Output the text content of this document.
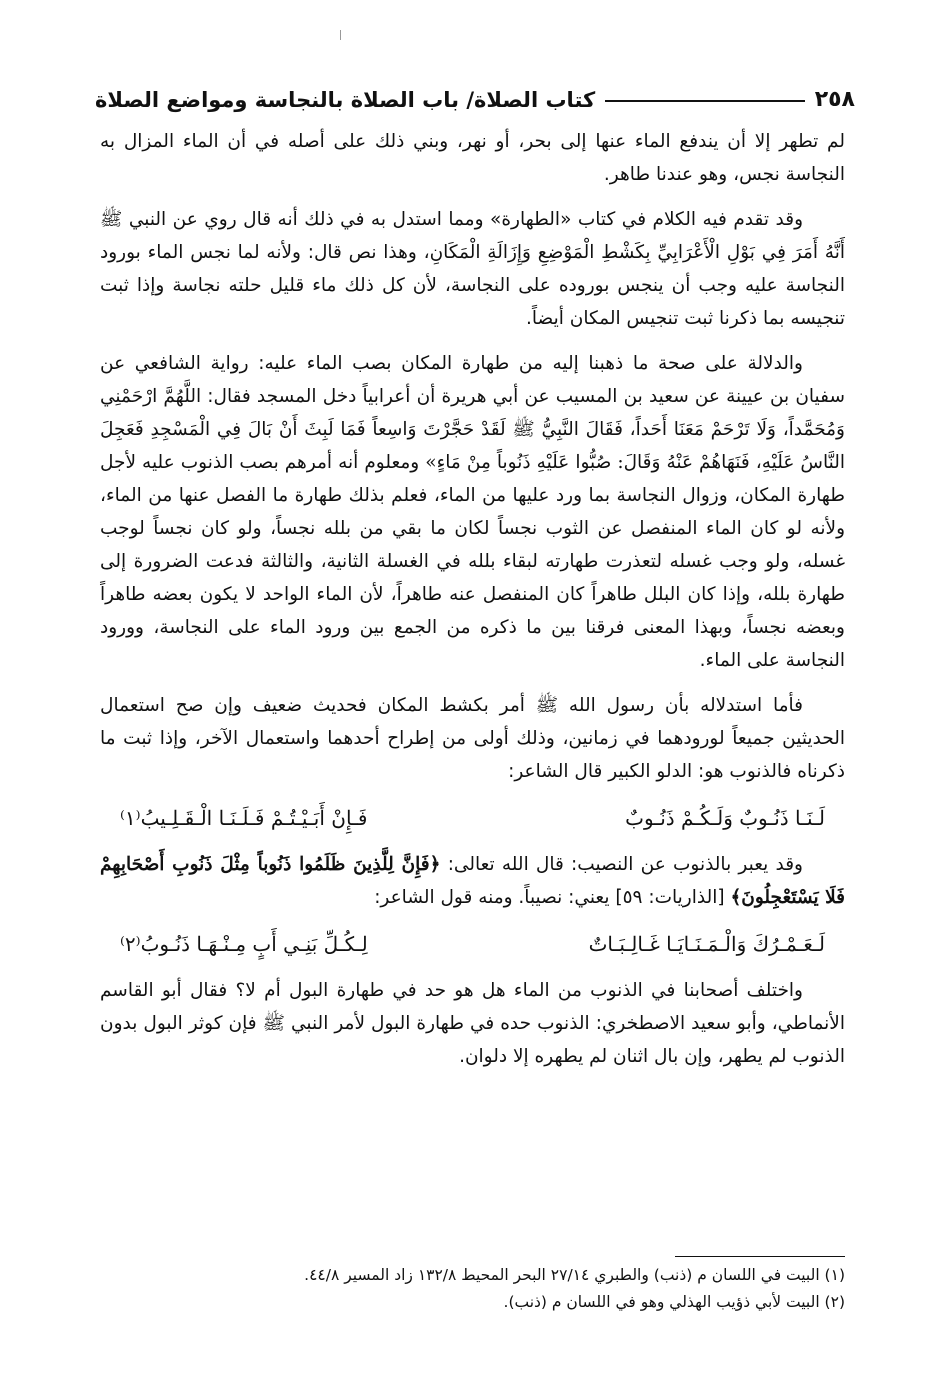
٢٥٨
كتاب الصلاة/ باب الصلاة بالنجاسة ومواضع الصلاة

لم تطهر إلا أن يندفع الماء عنها إلى بحر، أو نهر، وبني ذلك على أصله في أن الماء المزال به النجاسة نجس، وهو عندنا طاهر.

وقد تقدم فيه الكلام في كتاب «الطهارة» ومما استدل به في ذلك أنه قال روي عن النبي ﷺ أَنَّهُ أَمَرَ فِي بَوْلِ الْأَعْرَابِيِّ بِكَشْطِ الْمَوْضِعِ وَإِزَالَةِ الْمَكَانِ، وهذا نص قال: ولأنه لما نجس الماء بورود النجاسة عليه وجب أن ينجس بوروده على النجاسة، لأن كل ذلك ماء قليل حلته نجاسة وإذا ثبت تنجيسه بما ذكرنا ثبت تنجيس المكان أيضاً.

والدلالة على صحة ما ذهبنا إليه من طهارة المكان بصب الماء عليه: رواية الشافعي عن سفيان بن عيينة عن سعيد بن المسيب عن أبي هريرة أن أعرابياً دخل المسجد فقال: اللَّهُمَّ ارْحَمْنِي وَمُحَمَّداً، وَلَا تَرْحَمْ مَعَنَا أَحَداً، فَقَالَ النَّبِيُّ ﷺ لَقَدْ حَجَّرْتَ وَاسِعاً فَمَا لَبِثَ أَنْ بَالَ فِي الْمَسْجِدِ فَعَجِلَ النَّاسُ عَلَيْهِ، فَنَهَاهُمْ عَنْهُ وَقَالَ: صُبُّوا عَلَيْهِ ذَنُوباً مِنْ مَاءٍ» ومعلوم أنه أمرهم بصب الذنوب عليه لأجل طهارة المكان، وزوال النجاسة بما ورد عليها من الماء، فعلم بذلك طهارة ما الفصل عنها من الماء، ولأنه لو كان الماء المنفصل عن الثوب نجساً لكان ما بقي من بلله نجساً، ولو كان نجساً لوجب غسله، ولو وجب غسله لتعذرت طهارته لبقاء بلله في الغسلة الثانية، والثالثة فدعت الضرورة إلى طهارة بلله، وإذا كان البلل طاهراً كان المنفصل عنه طاهراً، لأن الماء الواحد لا يكون بعضه طاهراً وبعضه نجساً، وبهذا المعنى فرقنا بين ما ذكره من الجمع بين ورود الماء على النجاسة، وورود النجاسة على الماء.

فأما استدلاله بأن رسول الله ﷺ أمر بكشط المكان فحديث ضعيف وإن صح استعمال الحديثين جميعاً لورودهما في زمانين، وذلك أولى من إطراح أحدهما واستعمال الآخر، وإذا ثبت ما ذكرناه فالذنوب هو: الدلو الكبير قال الشاعر:

لَـنَـا ذَنُـوبٌ وَلَـكُـمْ ذَنُـوبٌ
فَـإِنْ أَبَـيْـتُـمْ فَـلَـنَـا الْـقَـلِـيبُ⁽١⁾

وقد يعبر بالذنوب عن النصيب: قال الله تعالى: ﴿فَإِنَّ لِلَّذِينَ ظَلَمُوا ذَنُوباً مِثْلَ ذَنُوبِ أَصْحَابِهِمْ فَلَا يَسْتَعْجِلُونَ﴾ [الذاريات: ٥٩] يعني: نصيباً. ومنه قول الشاعر:

لَـعَـمْـرُكَ وَالْـمَـنَـايَـا غَـالِـبَـاتٌ
لِـكُـلِّ بَنِـي أَبٍ مِـنْـهَـا ذَنُـوبُ⁽٢⁾

واختلف أصحابنا في الذنوب من الماء هل هو حد في طهارة البول أم لا؟ فقال أبو القاسم الأنماطي، وأبو سعيد الاصطخري: الذنوب حده في طهارة البول لأمر النبي ﷺ فإن كوثر البول بدون الذنوب لم يطهر، وإن بال اثنان لم يطهره إلا دلوان.

(١) البيت في اللسان م (ذنب) والطبري ٢٧/١٤ البحر المحيط ١٣٢/٨ زاد المسير ٤٤/٨.

(٢) البيت لأبي ذؤيب الهذلي وهو في اللسان م (ذنب).
